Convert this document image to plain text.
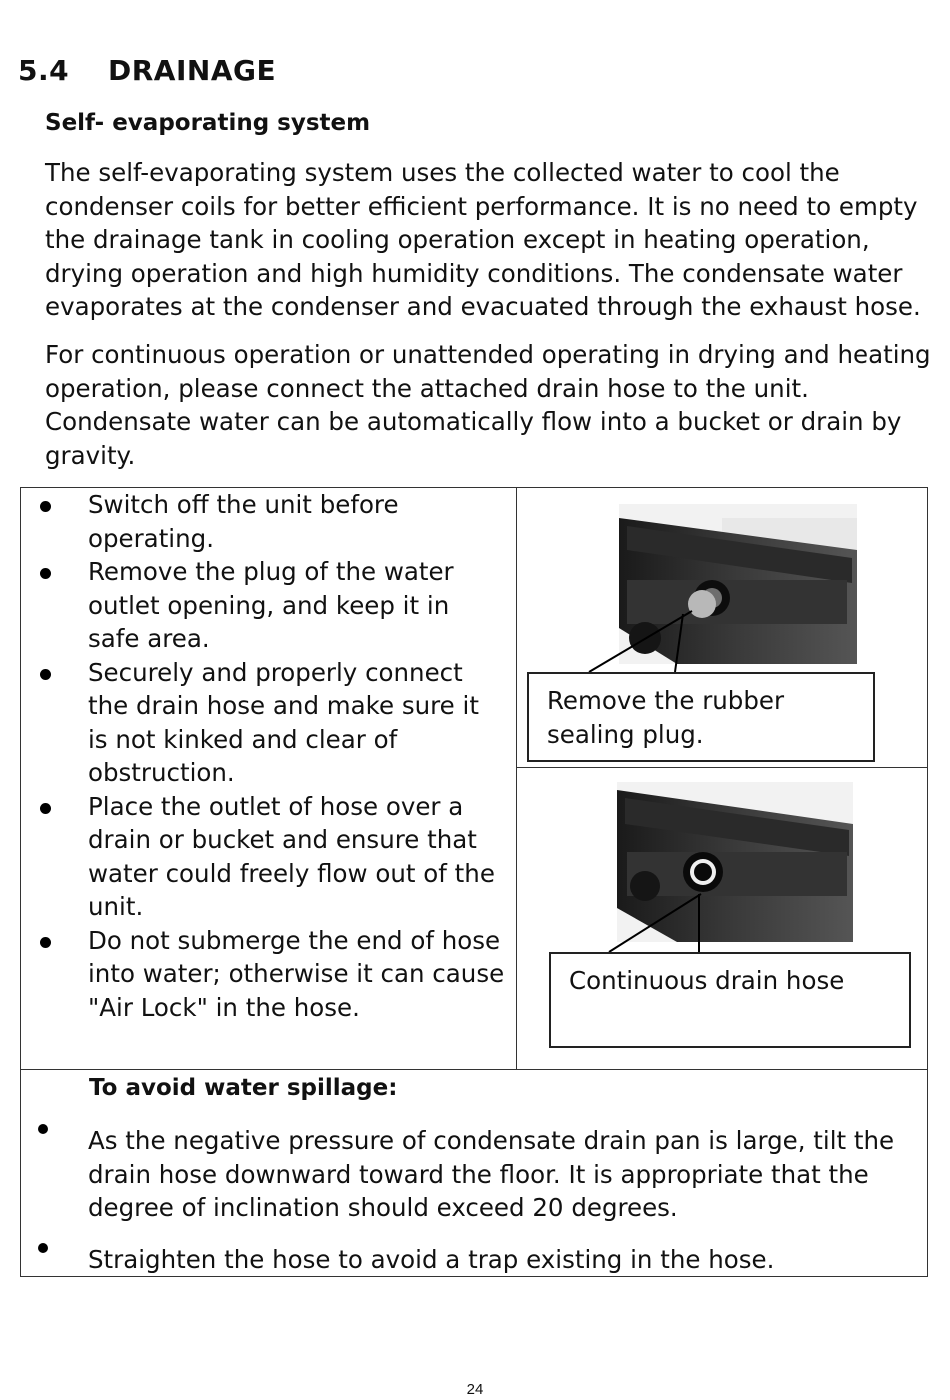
5.4 DRAINAGE
Self- evaporating system
The self-evaporating system uses the collected water to cool the condenser coils for better efficient performance. It is no need to empty the drainage tank in cooling operation except in heating operation, drying operation and high humidity conditions. The condensate water evaporates at the condenser and evacuated through the exhaust hose.
For continuous operation or unattended operating in drying and heating operation, please connect the attached drain hose to the unit. Condensate water can be automatically flow into a bucket or drain by gravity.
Switch off the unit before operating.
Remove the plug of the water outlet opening, and keep it in safe area.
Securely and properly connect the drain hose and make sure it is not kinked and clear of obstruction.
Place the outlet of hose over a drain or bucket and ensure that water could freely flow out of the unit.
Do not submerge the end of hose into water; otherwise it can cause "Air Lock" in the hose.

Remove the rubber sealing plug.

Continuous drain hose

To avoid water spillage:
As the negative pressure of condensate drain pan is large, tilt the drain hose downward toward the floor. It is appropriate that the degree of inclination should exceed 20 degrees.
Straighten the hose to avoid a trap existing in the hose.
24
